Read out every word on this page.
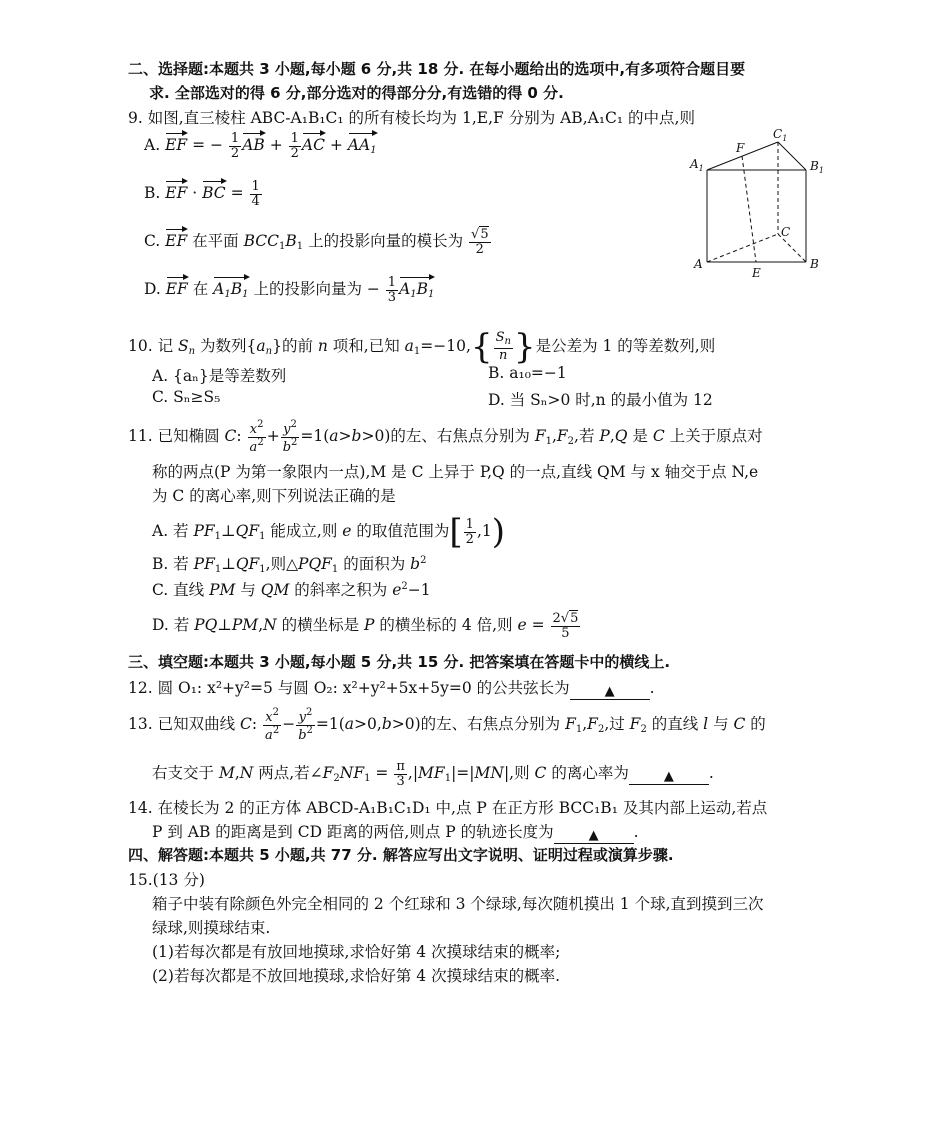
二、选择题:本题共 3 小题,每小题 6 分,共 18 分. 在每小题给出的选项中,有多项符合题目要
求. 全部选对的得 6 分,部分选对的得部分分,有选错的得 0 分.
9. 如图,直三棱柱 ABC-A₁B₁C₁ 的所有棱长均为 1,E,F 分别为 AB,A₁C₁ 的中点,则
A. EF = − $\frac{1}{2}$ AB + $\frac{1}{2}$ AC + $AA_1$
B. EF · BC = $\frac{1}{4}$
C. EF 在平面 $BCC_1B_1$ 上的投影向量的模长为 $\frac{√5}{2}$
D. EF 在 $A_1B_1$ 上的投影向量为 − $\frac{1}{3} A_1B_1$
$A_1$	$B_1$
$C_1$
F
A	B
C
E
10. 记 $S_n$ 为数列$\{a_n\}$的前 n 项和,已知 $a_1=-10,\{ \frac{S_n}{n}$ }是公差为 1 的等差数列,则
A. {aₙ}是等差数列	B. a₁₀=−1
C. Sₙ≥S₅	D. 当 Sₙ>0 时,n 的最小值为 12
11. 已知椭圆 C: $\frac{x^2}{a^2} + \frac{y^2}{b^2} =1(a>b>0)$的左、右焦点分别为 $F_1,F_2$,若 P,Q 是 C 上关于原点对
称的两点(P 为第一象限内一点),M 是 C 上异于 P,Q 的一点,直线 QM 与 x 轴交于点 N,e
为 C 的离心率,则下列说法正确的是
A. 若 $PF_1\perp QF_1$ 能成立,则 e 的取值范围为[ $\frac{1}{2} ,1$)
B. 若 $PF_1\perp QF_1$,则$\triangle PQF_1$ 的面积为 $b^2$
C. 直线 PM 与 QM 的斜率之积为 $e^2-1$
D. 若 PQ⊥PM,N 的横坐标是 P 的横坐标的 4 倍,则 $e = \frac{2√5}{5}$
三、填空题:本题共 3 小题,每小题 5 分,共 15 分. 把答案填在答题卡中的横线上.
12. 圆 O₁: x²+y²=5 与圆 O₂: x²+y²+5x+5y=0 的公共弦长为	▲ .
13. 已知双曲线 C: $\frac{x^2}{a^2} - \frac{y^2}{b^2} =1(a>0,b>0)$的左、右焦点分别为 $F_1,F_2$,过 $F_2$ 的直线 l 与 C 的
右支交于 M,N 两点,若$\angle F_2NF_1 = \frac{\pi}{3} ,|MF_1|=|MN|$,则 C 的离心率为	▲ .
14. 在棱长为 2 的正方体 ABCD-A₁B₁C₁D₁ 中,点 P 在正方形 BCC₁B₁ 及其内部上运动,若点
P 到 AB 的距离是到 CD 距离的两倍,则点 P 的轨迹长度为	▲ .
四、解答题:本题共 5 小题,共 77 分. 解答应写出文字说明、证明过程或演算步骤.
15.(13 分)
箱子中装有除颜色外完全相同的 2 个红球和 3 个绿球,每次随机摸出 1 个球,直到摸到三次
绿球,则摸球结束.
(1)若每次都是有放回地摸球,求恰好第 4 次摸球结束的概率;
(2)若每次都是不放回地摸球,求恰好第 4 次摸球结束的概率.
